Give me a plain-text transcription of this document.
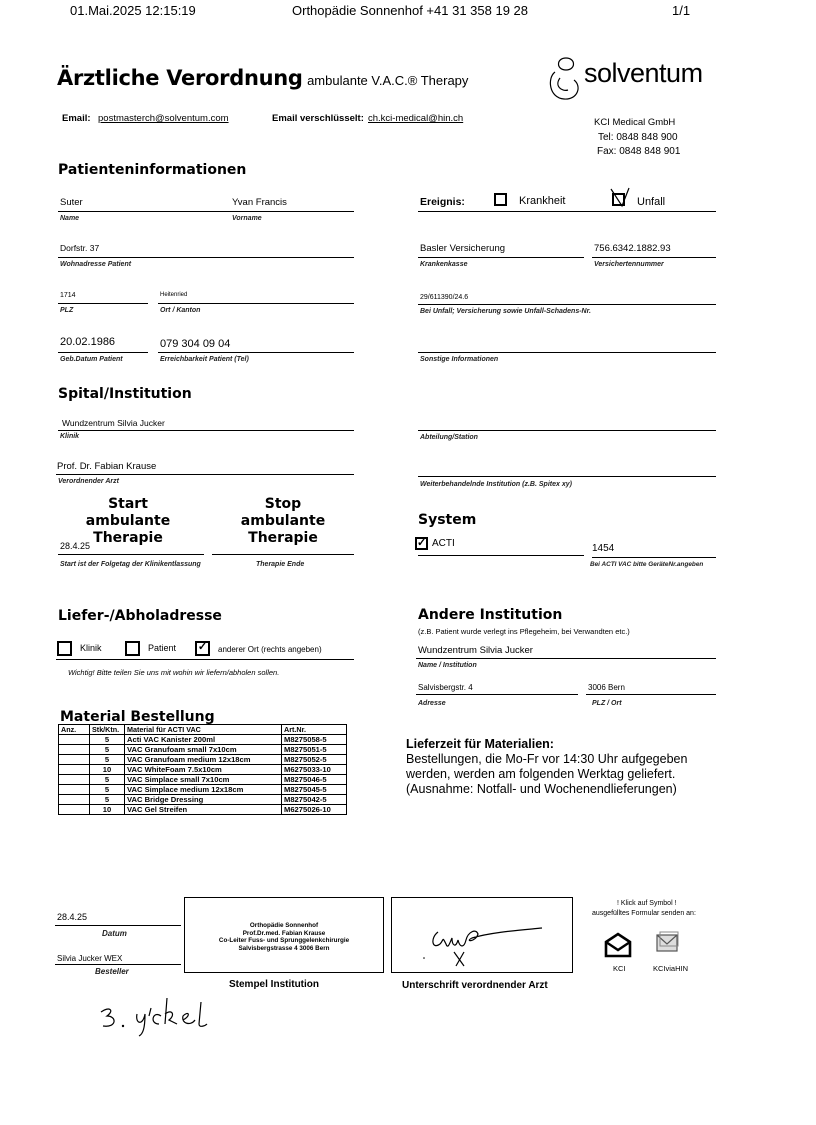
01.Mai.2025 12:15:19	Orthopädie Sonnenhof +41 31 358 19 28	1/1
Ärztliche Verordnung ambulante V.A.C.® Therapy	solventum
Email: postmasterch@solventum.com	Email verschlüsselt: ch.kci-medical@hin.ch	KCI Medical GmbH
Tel: 0848 848 900
Fax: 0848 848 901
Patienteninformationen
Suter	Yvan Francis
Name	Vorname
Dorfstr. 37
Wohnadresse Patient
1714	Heitenried
PLZ	Ort / Kanton
20.02.1986	079 304 09 04
Geb.Datum Patient	Erreichbarkeit Patient (Tel)
Ereignis:	Krankheit	Unfall
Basler Versicherung	756.6342.1882.93
Krankenkasse	Versichertennummer
29/611390/24.6
Bei Unfall; Versicherung sowie Unfall-Schadens-Nr.
Sonstige Informationen
Spital/Institution
Wundzentrum Silvia Jucker
Klinik	Abteilung/Station
Prof. Dr. Fabian Krause
Verordnender Arzt	Weiterbehandelnde Institution (z.B. Spitex xy)
Start
ambulante Therapie
Stop
ambulante Therapie
28.4.25
Start ist der Folgetag der Klinikentlassung	Therapie Ende
System
✓ ACTI	1454
Bei ACTI VAC bitte GeräteNr.angeben
Liefer-/Abholadresse
Klinik	Patient ✓ anderer Ort (rechts angeben)
Wichtig! Bitte teilen Sie uns mit wohin wir liefern/abholen sollen.
Andere Institution
(z.B. Patient wurde verlegt ins Pflegeheim, bei Verwandten etc.)
Wundzentrum Silvia Jucker
Name / Institution
Salvisbergstr. 4	3006 Bern
Adresse	PLZ / Ort
Material Bestellung
Anz.	Stk/Ktn.	Material für ACTI VAC	Art.Nr.
	5	Acti VAC Kanister 200ml	M8275058-5
	5	VAC Granufoam small 7x10cm	M8275051-5
	5	VAC Granufoam medium 12x18cm	M8275052-5
	10	VAC WhiteFoam 7.5x10cm	M6275033-10
	5	VAC Simplace small 7x10cm	M8275046-5
	5	VAC Simplace medium 12x18cm	M8275045-5
	5	VAC Bridge Dressing	M8275042-5
	10	VAC Gel Streifen	M6275026-10
Lieferzeit für Materialien:
Bestellungen, die Mo-Fr vor 14:30 Uhr aufgegeben
werden, werden am folgenden Werktag geliefert.
(Ausnahme: Notfall- und Wochenendlieferungen)
28.4.25
Datum
Silvia Jucker WEX
Besteller
Orthopädie Sonnenhof
Prof.Dr.med. Fabian Krause
Co-Leiter Fuss- und Sprunggelenkchirurgie
Salvisbergstrasse 4 3006 Bern
Stempel Institution	Unterschrift verordnender Arzt
! Klick auf Symbol !
ausgefülltes Formular senden an:
KCI	KCIviaHIN
